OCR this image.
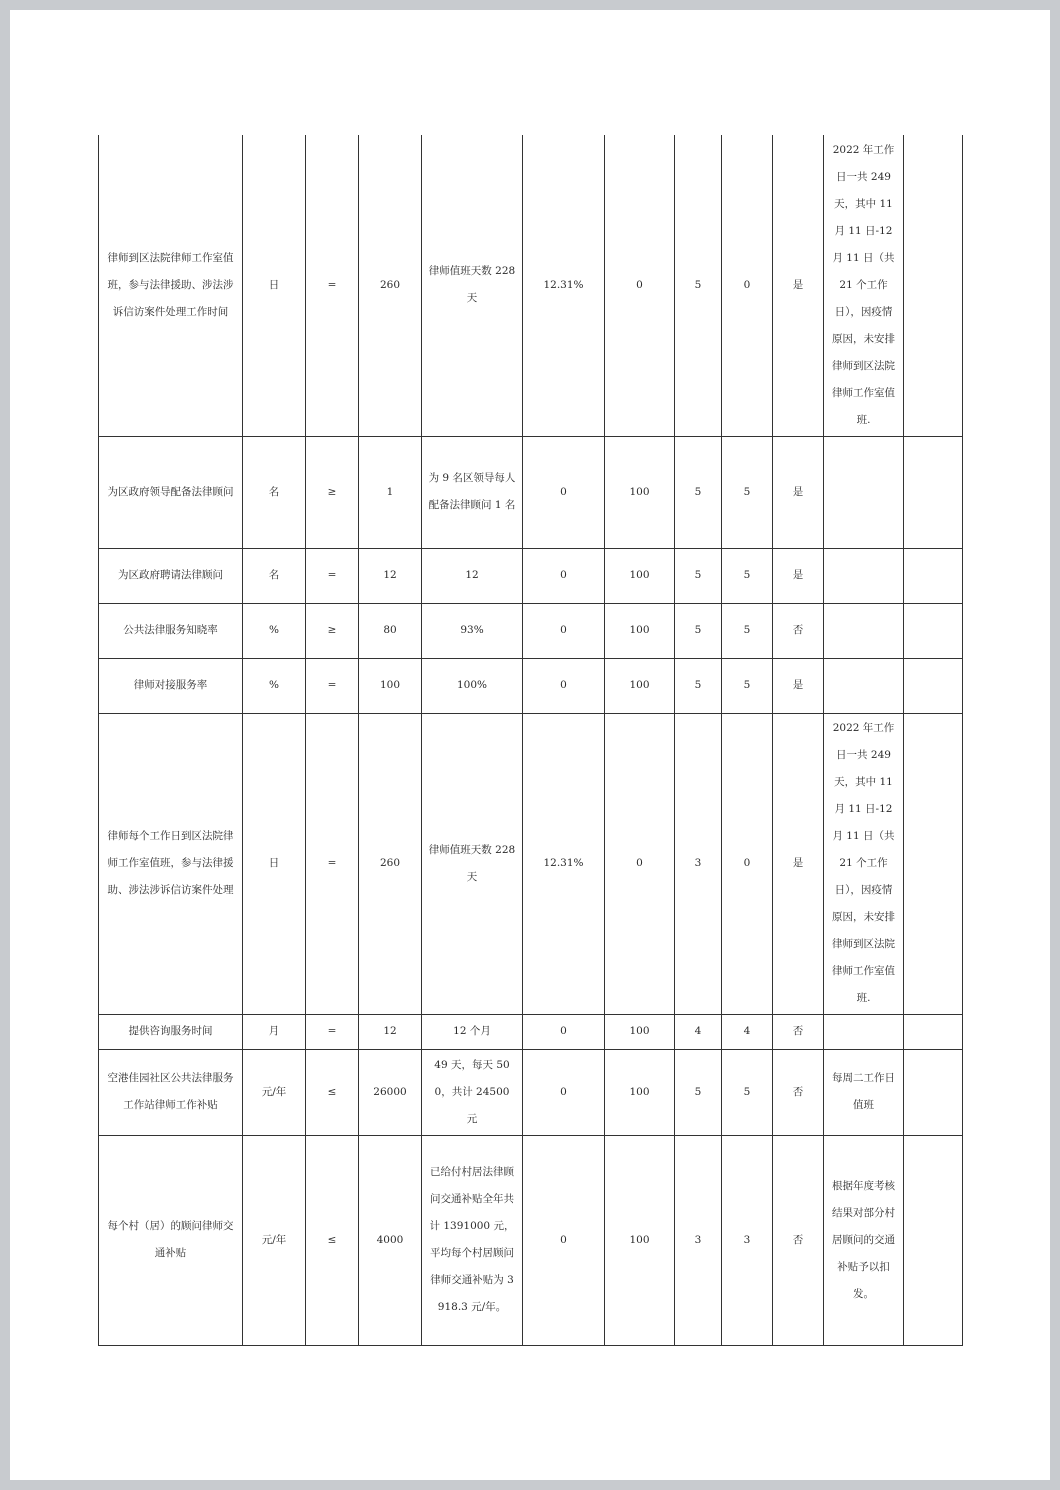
律师到区法院律师工作室值班，参与法律援助、涉法涉诉信访案件处理工作时间	日	=	260	律师值班天数 228 天	12.31%	0	5	0	是	2022 年工作日一共 249 天，其中 11 月 11 日-12 月 11 日（共 21 个工作日），因疫情原因，未安排律师到区法院律师工作室值班.	
为区政府领导配备法律顾问	名	≥	1	为 9 名区领导每人配备法律顾问 1 名	0	100	5	5	是		
为区政府聘请法律顾问	名	=	12	12	0	100	5	5	是		
公共法律服务知晓率	%	≥	80	93%	0	100	5	5	否		
律师对接服务率	%	=	100	100%	0	100	5	5	是		
律师每个工作日到区法院律师工作室值班，参与法律援助、涉法涉诉信访案件处理	日	=	260	律师值班天数 228 天	12.31%	0	3	0	是	2022 年工作日一共 249 天，其中 11 月 11 日-12 月 11 日（共 21 个工作日），因疫情原因，未安排律师到区法院律师工作室值班.	
提供咨询服务时间	月	=	12	12 个月	0	100	4	4	否		
空港佳园社区公共法律服务工作站律师工作补贴	元/年	≤	26000	49 天，每天 500，共计 24500 元	0	100	5	5	否	每周二工作日值班	
每个村（居）的顾问律师交通补贴	元/年	≤	4000	已给付村居法律顾问交通补贴全年共计 1391000 元，平均每个村居顾问律师交通补贴为 3918.3 元/年。	0	100	3	3	否	根据年度考核结果对部分村居顾问的交通补贴予以扣发。	
